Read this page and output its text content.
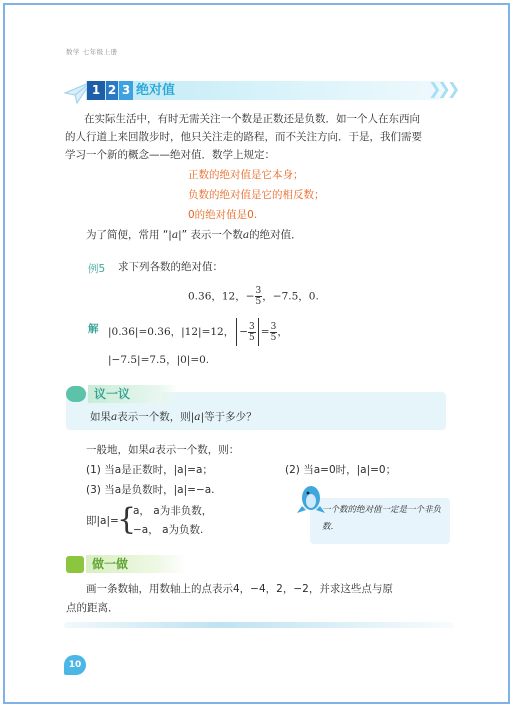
数学 七年级上册
1 2 3 绝对值	❯❯❯
在实际生活中，有时无需关注一个数是正数还是负数．如一个人在东西向
的人行道上来回散步时，他只关注走的路程，而不关注方向．于是，我们需要
学习一个新的概念——绝对值．数学上规定：
正数的绝对值是它本身；
负数的绝对值是它的相反数；
0的绝对值是0.
为了简便，常用 “|a|” 表示一个数a的绝对值．
例5 求下列各数的绝对值：
0.36，12，− $\frac{3}{5}$ ，−7.5，0.
解 |0.36|=0.36，|12|=12， − $\frac{3}{5} = \frac{3}{5}$ ，
|−7.5|=7.5，|0|=0.
议一议
如果a表示一个数，则|a|等于多少？
一般地，如果a表示一个数，则：
(1) 当a是正数时，|a|=a；	(2) 当a=0时，|a|=0；
(3) 当a是负数时，|a|=−a.
即|a|=
{
a， a为非负数，
−a， a为负数.
一个数的绝对值一定是一个非负数．
做一做
画一条数轴，用数轴上的点表示4，−4，2，−2，并求这些点与原
点的距离．
10
